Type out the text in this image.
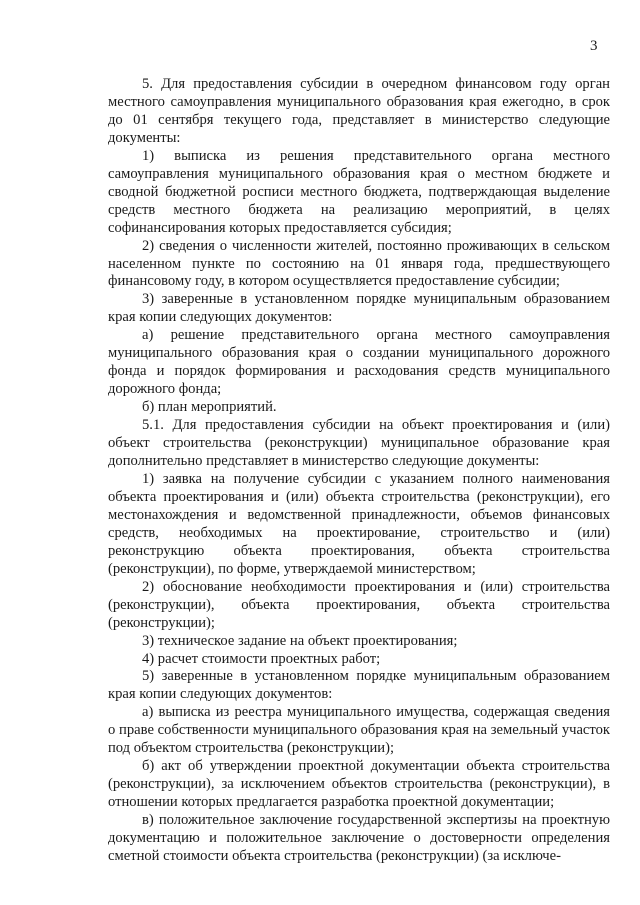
3

5. Для предоставления субсидии в очередном финансовом году орган местного самоуправления муниципального образования края ежегодно, в срок до 01 сентября текущего года, представляет в министерство следующие документы:

1) выписка из решения представительного органа местного самоуправления муниципального образования края о местном бюджете и сводной бюджетной росписи местного бюджета, подтверждающая выделение средств местного бюджета на реализацию мероприятий, в целях софинансирования которых предоставляется субсидия;

2) сведения о численности жителей, постоянно проживающих в сельском населенном пункте по состоянию на 01 января года, предшествующего финансовому году, в котором осуществляется предоставление субсидии;

3) заверенные в установленном порядке муниципальным образованием края копии следующих документов:

а) решение представительного органа местного самоуправления муниципального образования края о создании муниципального дорожного фонда и порядок формирования и расходования средств муниципального дорожного фонда;

б) план мероприятий.

5.1. Для предоставления субсидии на объект проектирования и (или) объект строительства (реконструкции) муниципальное образование края дополнительно представляет в министерство следующие документы:

1) заявка на получение субсидии с указанием полного наименования объекта проектирования и (или) объекта строительства (реконструкции), его местонахождения и ведомственной принадлежности, объемов финансовых средств, необходимых на проектирование, строительство и (или) реконструкцию объекта проектирования, объекта строительства (реконструкции), по форме, утверждаемой министерством;

2) обоснование необходимости проектирования и (или) строительства (реконструкции), объекта проектирования, объекта строительства (реконструкции);

3) техническое задание на объект проектирования;

4) расчет стоимости проектных работ;

5) заверенные в установленном порядке муниципальным образованием края копии следующих документов:

а) выписка из реестра муниципального имущества, содержащая сведения о праве собственности муниципального образования края на земельный участок под объектом строительства (реконструкции);

б) акт об утверждении проектной документации объекта строительства (реконструкции), за исключением объектов строительства (реконструкции), в отношении которых предлагается разработка проектной документации;

в) положительное заключение государственной экспертизы на проектную документацию и положительное заключение о достоверности определения сметной стоимости объекта строительства (реконструкции) (за исключе-
